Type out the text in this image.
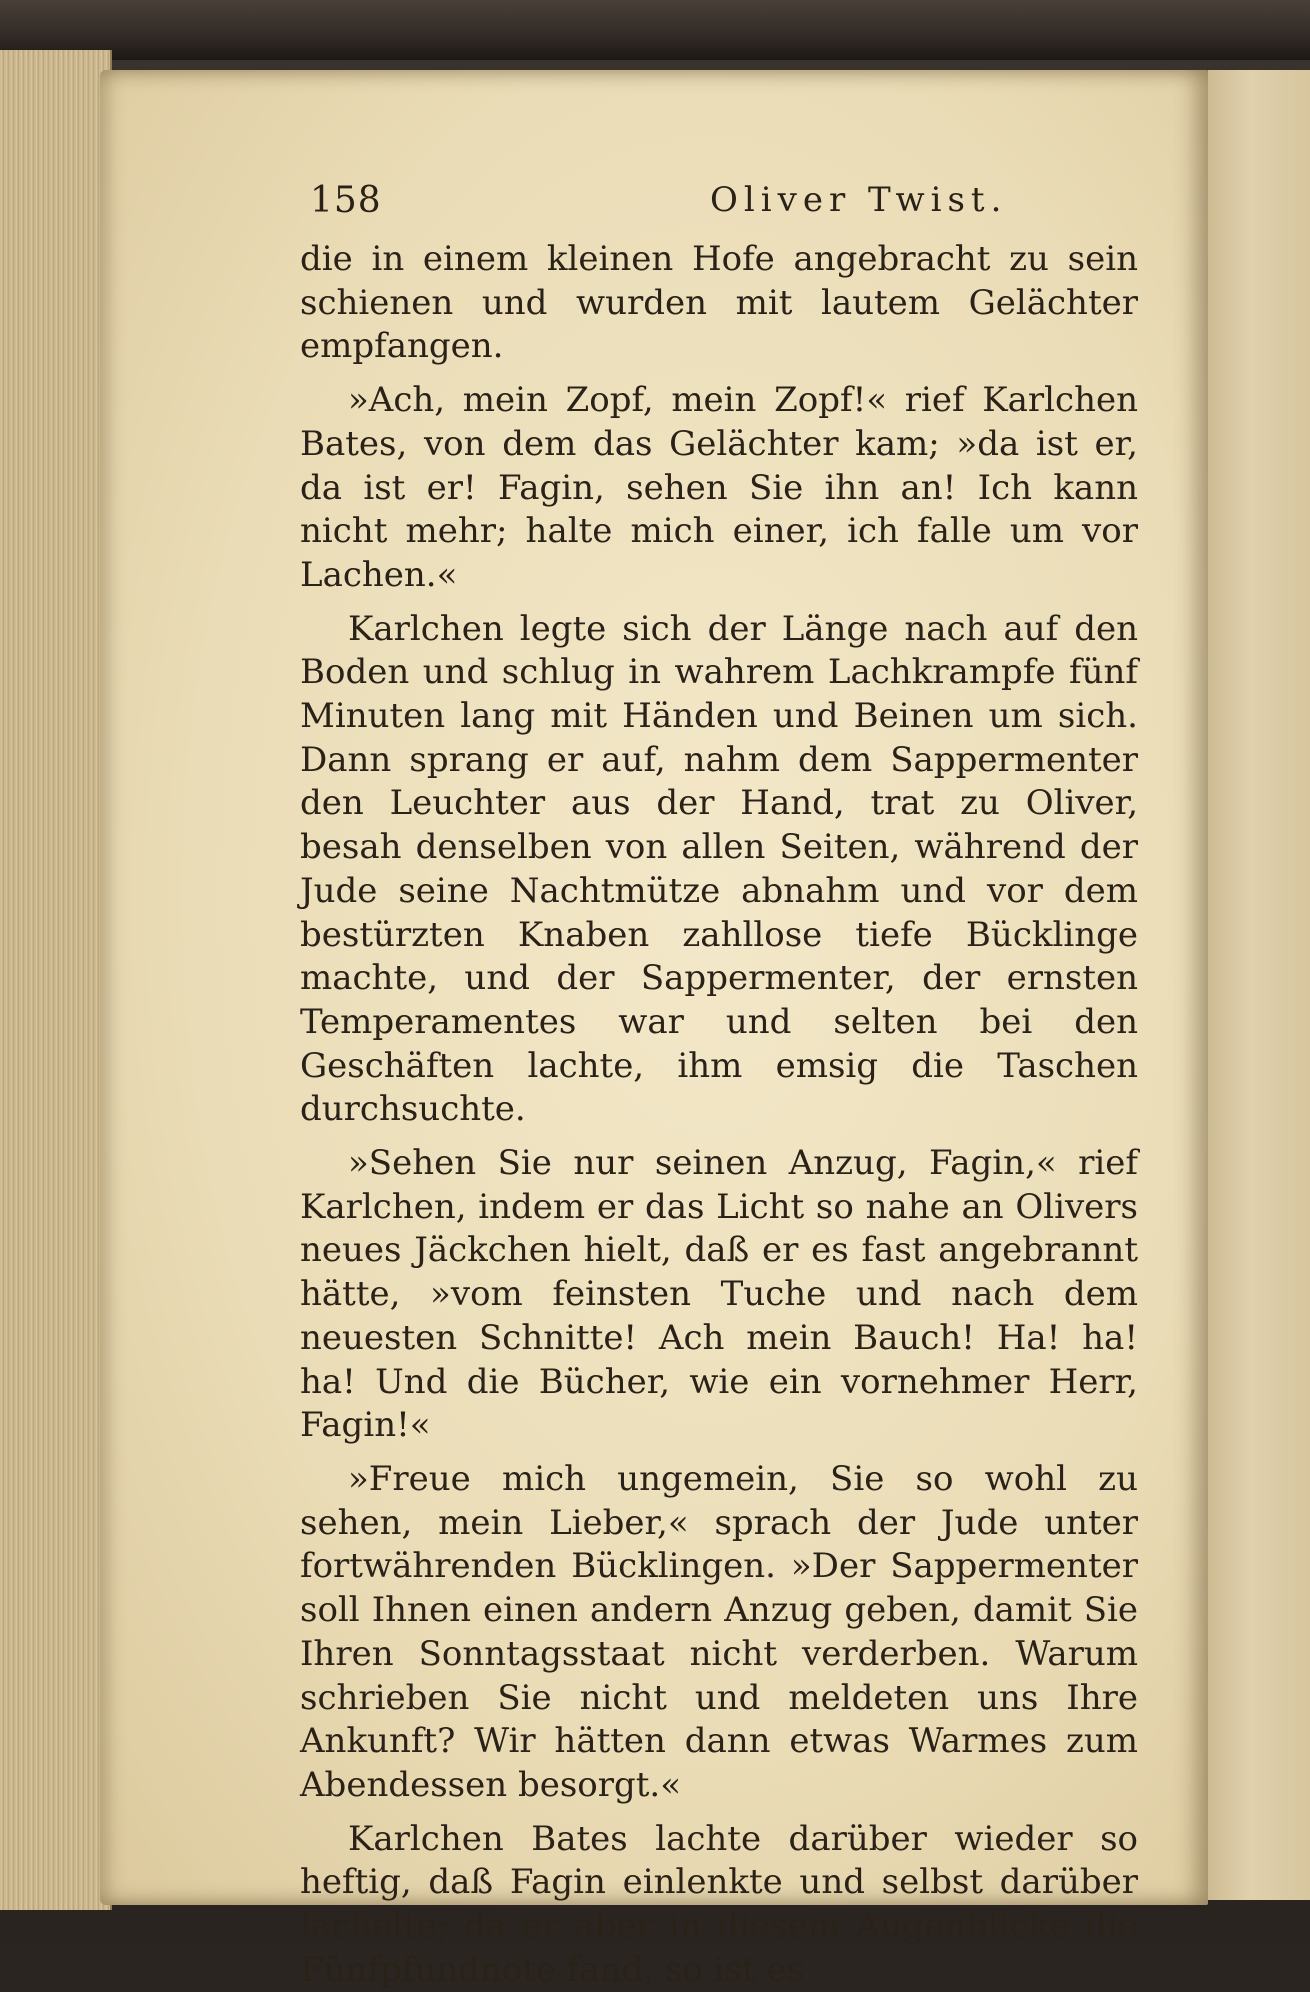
158	Oliver Twist.

die in einem kleinen Hofe angebracht zu sein schienen und wurden mit lautem Gelächter empfangen.

»Ach, mein Zopf, mein Zopf!« rief Karlchen Bates, von dem das Gelächter kam; »da ist er, da ist er! Fagin, sehen Sie ihn an! Ich kann nicht mehr; halte mich einer, ich falle um vor Lachen.«

Karlchen legte sich der Länge nach auf den Boden und schlug in wahrem Lachkrampfe fünf Minuten lang mit Händen und Beinen um sich. Dann sprang er auf, nahm dem Sappermenter den Leuchter aus der Hand, trat zu Oliver, besah denselben von allen Seiten, während der Jude seine Nachtmütze abnahm und vor dem bestürzten Knaben zahllose tiefe Bücklinge machte, und der Sappermenter, der ernsten Temperamentes war und selten bei den Geschäften lachte, ihm emsig die Taschen durchsuchte.

»Sehen Sie nur seinen Anzug, Fagin,« rief Karlchen, indem er das Licht so nahe an Olivers neues Jäckchen hielt, daß er es fast angebrannt hätte, »vom feinsten Tuche und nach dem neuesten Schnitte! Ach mein Bauch! Ha! ha! ha! Und die Bücher, wie ein vornehmer Herr, Fagin!«

»Freue mich ungemein, Sie so wohl zu sehen, mein Lieber,« sprach der Jude unter fortwährenden Bücklingen. »Der Sappermenter soll Ihnen einen andern Anzug geben, damit Sie Ihren Sonntagsstaat nicht verderben. Warum schrieben Sie nicht und meldeten uns Ihre Ankunft? Wir hätten dann etwas Warmes zum Abendessen besorgt.«

Karlchen Bates lachte darüber wieder so heftig, daß Fagin einlenkte und selbst darüber lächelte; da er aber in diesem Augenblicke die Fünfpfundnote fand, so ist es
